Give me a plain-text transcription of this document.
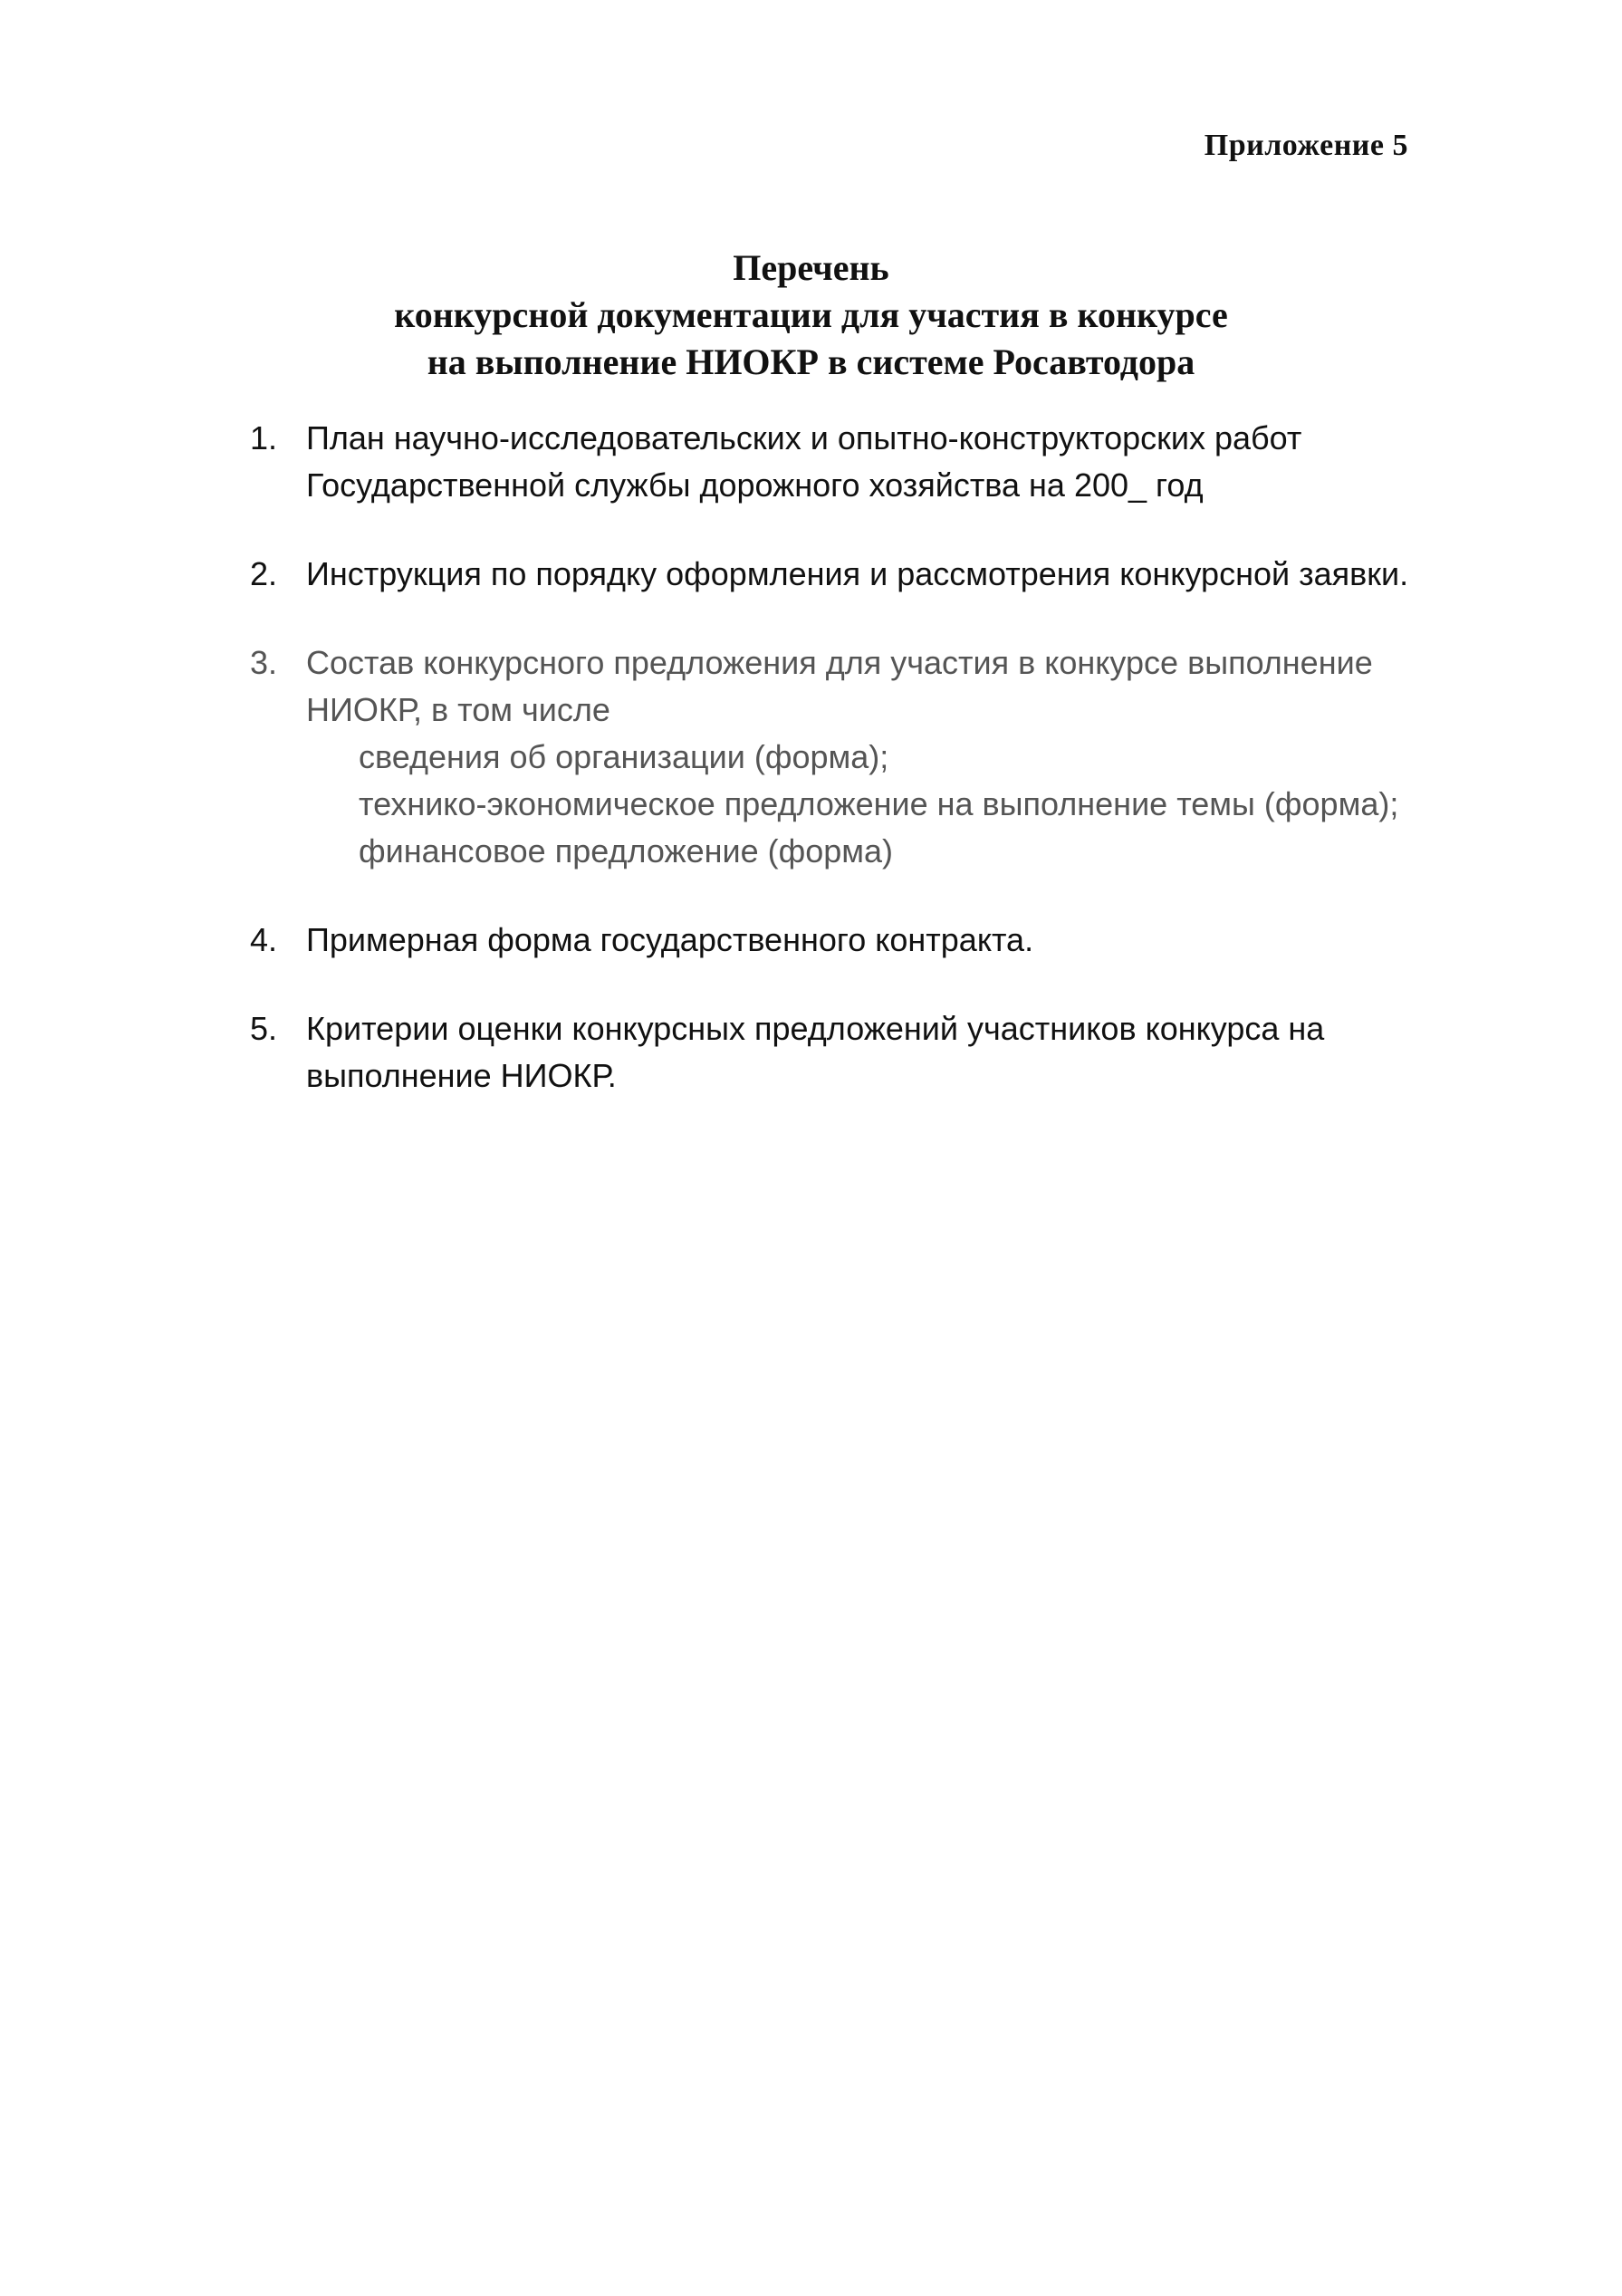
Приложение 5
Перечень
конкурсной документации для участия в конкурсе
на выполнение НИОКР в системе Росавтодора
1. План научно-исследовательских и опытно-конструкторских работ Государственной службы дорожного хозяйства на 200_ год
2. Инструкция по порядку оформления и рассмотрения конкурсной заявки.
3. Состав конкурсного предложения для участия в конкурсе выполнение НИОКР, в том числе
сведения об организации (форма);
технико-экономическое предложение на выполнение темы (форма);
финансовое предложение (форма)
4. Примерная форма государственного контракта.
5. Критерии оценки конкурсных предложений участников конкурса на выполнение НИОКР.
